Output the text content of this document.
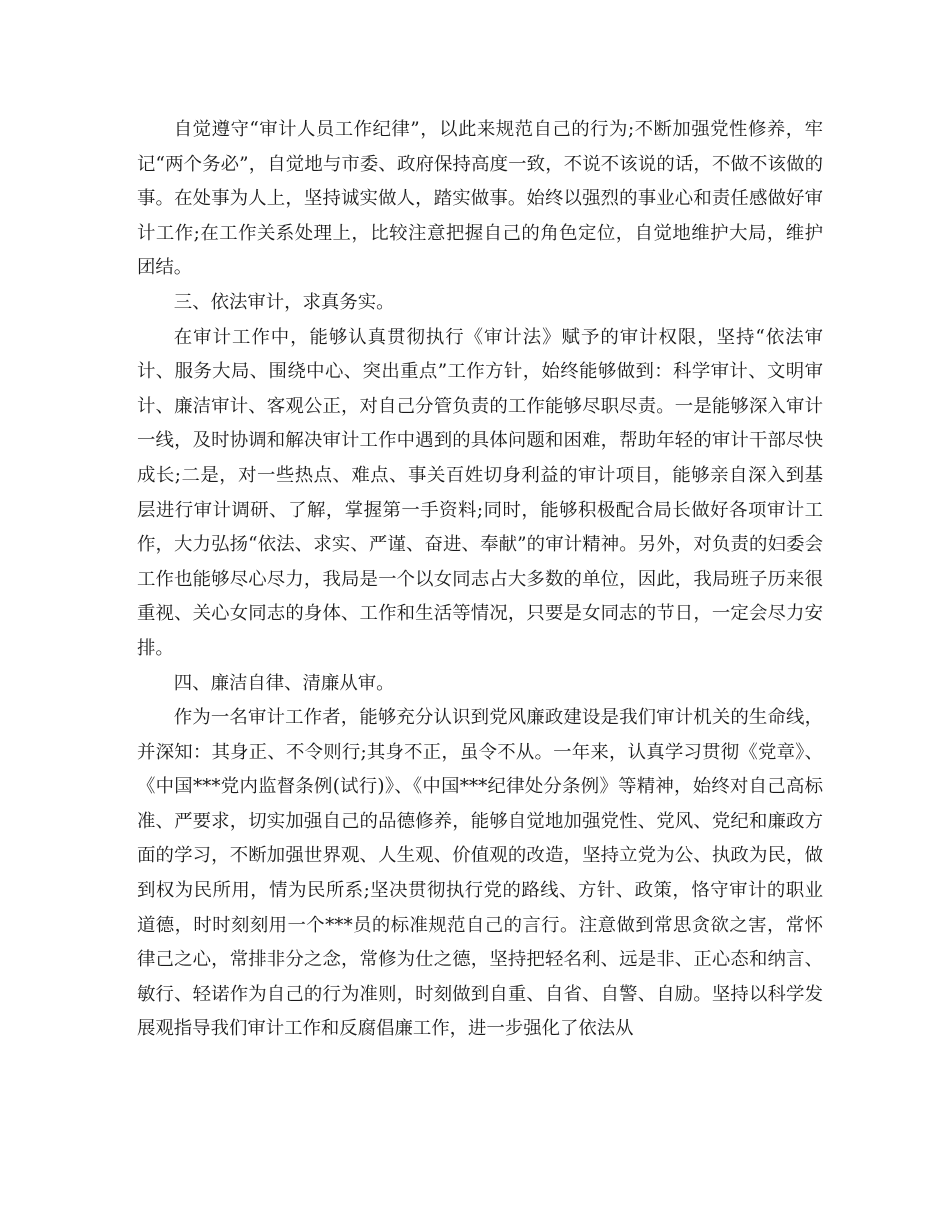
自觉遵守“审计人员工作纪律”，以此来规范自己的行为;不断加强党性修养，牢记“两个务必”，自觉地与市委、政府保持高度一致，不说不该说的话，不做不该做的事。在处事为人上，坚持诚实做人，踏实做事。始终以强烈的事业心和责任感做好审计工作;在工作关系处理上，比较注意把握自己的角色定位，自觉地维护大局，维护团结。

三、依法审计，求真务实。

在审计工作中，能够认真贯彻执行《审计法》赋予的审计权限，坚持“依法审计、服务大局、围绕中心、突出重点”工作方针，始终能够做到：科学审计、文明审计、廉洁审计、客观公正，对自己分管负责的工作能够尽职尽责。一是能够深入审计一线，及时协调和解决审计工作中遇到的具体问题和困难，帮助年轻的审计干部尽快成长;二是，对一些热点、难点、事关百姓切身利益的审计项目，能够亲自深入到基层进行审计调研、了解，掌握第一手资料;同时，能够积极配合局长做好各项审计工作，大力弘扬“依法、求实、严谨、奋进、奉献”的审计精神。另外，对负责的妇委会工作也能够尽心尽力，我局是一个以女同志占大多数的单位，因此，我局班子历来很重视、关心女同志的身体、工作和生活等情况，只要是女同志的节日，一定会尽力安排。

四、廉洁自律、清廉从审。

作为一名审计工作者，能够充分认识到党风廉政建设是我们审计机关的生命线，并深知：其身正、不令则行;其身不正，虽令不从。一年来，认真学习贯彻《党章》、《中国***党内监督条例(试行)》、《中国***纪律处分条例》等精神，始终对自己高标准、严要求，切实加强自己的品德修养，能够自觉地加强党性、党风、党纪和廉政方面的学习，不断加强世界观、人生观、价值观的改造，坚持立党为公、执政为民，做到权为民所用，情为民所系;坚决贯彻执行党的路线、方针、政策，恪守审计的职业道德，时时刻刻用一个***员的标准规范自己的言行。注意做到常思贪欲之害，常怀律己之心，常排非分之念，常修为仕之德，坚持把轻名利、远是非、正心态和纳言、敏行、轻诺作为自己的行为准则，时刻做到自重、自省、自警、自励。坚持以科学发展观指导我们审计工作和反腐倡廉工作，进一步强化了依法从
